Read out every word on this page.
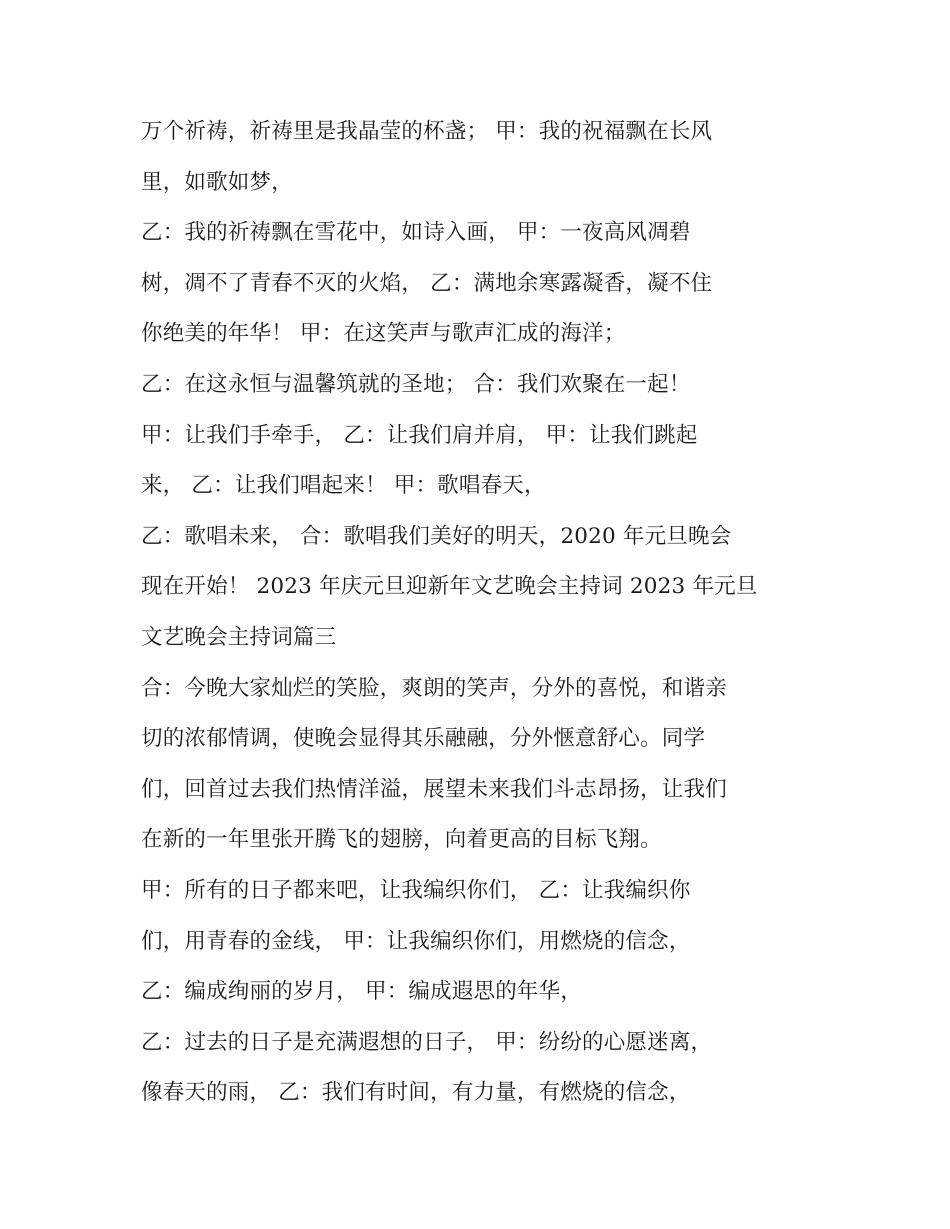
万个祈祷，祈祷里是我晶莹的杯盏； 甲：我的祝福飘在长风
里，如歌如梦，
乙：我的祈祷飘在雪花中，如诗入画， 甲：一夜高风凋碧
树，凋不了青春不灭的火焰， 乙：满地余寒露凝香，凝不住
你绝美的年华！ 甲：在这笑声与歌声汇成的海洋；
乙：在这永恒与温馨筑就的圣地； 合：我们欢聚在一起！
甲：让我们手牵手， 乙：让我们肩并肩， 甲：让我们跳起
来， 乙：让我们唱起来！ 甲：歌唱春天，
乙：歌唱未来， 合：歌唱我们美好的明天，2020 年元旦晚会
现在开始！ 2023 年庆元旦迎新年文艺晚会主持词 2023 年元旦
文艺晚会主持词篇三
合：今晚大家灿烂的笑脸，爽朗的笑声，分外的喜悦，和谐亲
切的浓郁情调，使晚会显得其乐融融，分外惬意舒心。同学
们，回首过去我们热情洋溢，展望未来我们斗志昂扬，让我们
在新的一年里张开腾飞的翅膀，向着更高的目标飞翔。
甲：所有的日子都来吧，让我编织你们， 乙：让我编织你
们，用青春的金线， 甲：让我编织你们，用燃烧的信念，
乙：编成绚丽的岁月， 甲：编成遐思的年华，
乙：过去的日子是充满遐想的日子， 甲：纷纷的心愿迷离，
像春天的雨， 乙：我们有时间，有力量，有燃烧的信念，
